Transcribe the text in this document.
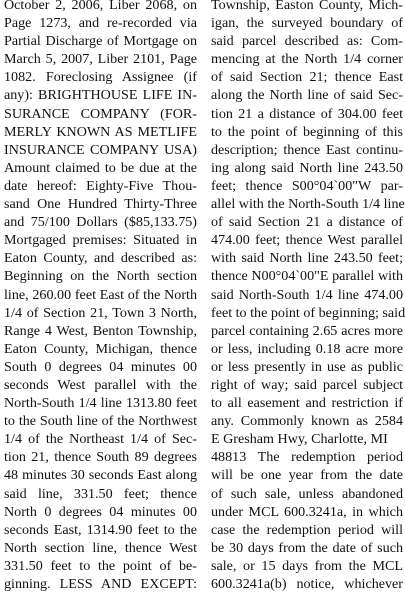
October 2, 2006, Liber 2068, on
Page 1273, and re-recorded via
Partial Discharge of Mortgage on
March 5, 2007, Liber 2101, Page
1082. Foreclosing Assignee (if
any): BRIGHTHOUSE LIFE IN-
SURANCE COMPANY (FOR-
MERLY KNOWN AS METLIFE
INSURANCE COMPANY USA)
Amount claimed to be due at the
date hereof: Eighty-Five Thou-
sand One Hundred Thirty-Three
and 75/100 Dollars ($85,133.75)
Mortgaged premises: Situated in
Eaton County, and described as:
Beginning on the North section
line, 260.00 feet East of the North
1/4 of Section 21, Town 3 North,
Range 4 West, Benton Township,
Eaton County, Michigan, thence
South 0 degrees 04 minutes 00
seconds West parallel with the
North-South 1/4 line 1313.80 feet
to the South line of the Northwest
1/4 of the Northeast 1/4 of Sec-
tion 21, thence South 89 degrees
48 minutes 30 seconds East along
said line, 331.50 feet; thence
North 0 degrees 04 minutes 00
seconds East, 1314.90 feet to the
North section line, thence West
331.50 feet to the point of be-
ginning. LESS AND EXCEPT:
Township, Easton County, Mich-
igan, the surveyed boundary of
said parcel described as: Com-
mencing at the North 1/4 corner
of said Section 21; thence East
along the North line of said Sec-
tion 21 a distance of 304.00 feet
to the point of beginning of this
description; thence East continu-
ing along said North line 243.50
feet; thence S00°04`00"W par-
allel with the North-South 1/4 line
of said Section 21 a distance of
474.00 feet; thence West parallel
with said North line 243.50 feet;
thence N00°04`00"E parallel with
said North-South 1/4 line 474.00
feet to the point of beginning; said
parcel containing 2.65 acres more
or less, including 0.18 acre more
or less presently in use as public
right of way; said parcel subject
to all easement and restriction if
any. Commonly known as 2584
E Gresham Hwy, Charlotte, MI
48813 The redemption period
will be one year from the date
of such sale, unless abandoned
under MCL 600.3241a, in which
case the redemption period will
be 30 days from the date of such
sale, or 15 days from the MCL
600.3241a(b) notice, whichever
